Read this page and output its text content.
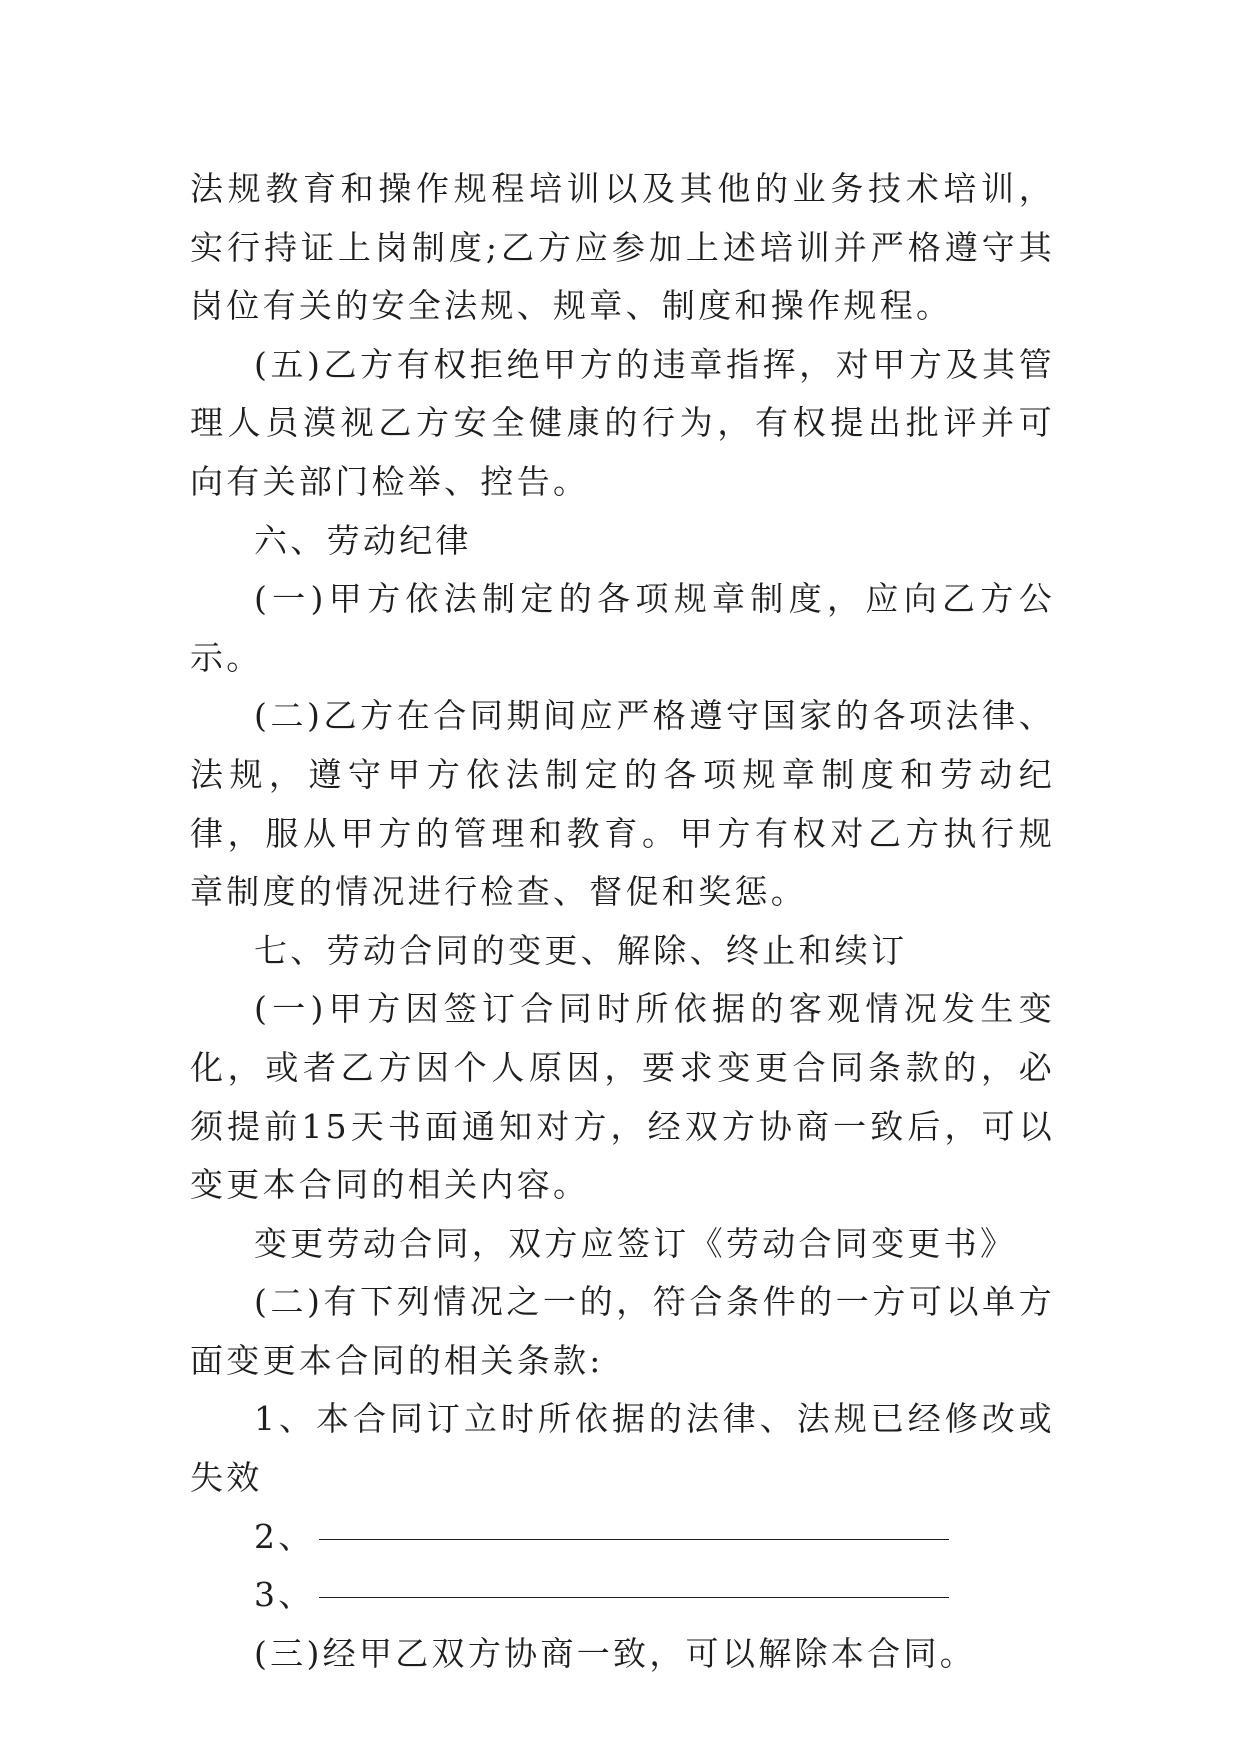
法规教育和操作规程培训以及其他的业务技术培训，实行持证上岗制度;乙方应参加上述培训并严格遵守其岗位有关的安全法规、规章、制度和操作规程。

(五)乙方有权拒绝甲方的违章指挥，对甲方及其管理人员漠视乙方安全健康的行为，有权提出批评并可向有关部门检举、控告。

六、劳动纪律

(一)甲方依法制定的各项规章制度，应向乙方公示。

(二)乙方在合同期间应严格遵守国家的各项法律、法规，遵守甲方依法制定的各项规章制度和劳动纪律，服从甲方的管理和教育。甲方有权对乙方执行规章制度的情况进行检查、督促和奖惩。

七、劳动合同的变更、解除、终止和续订

(一)甲方因签订合同时所依据的客观情况发生变化，或者乙方因个人原因，要求变更合同条款的，必须提前15天书面通知对方，经双方协商一致后，可以变更本合同的相关内容。

变更劳动合同，双方应签订《劳动合同变更书》

(二)有下列情况之一的，符合条件的一方可以单方面变更本合同的相关条款:

1、本合同订立时所依据的法律、法规已经修改或失效

2、

3、

(三)经甲乙双方协商一致，可以解除本合同。
